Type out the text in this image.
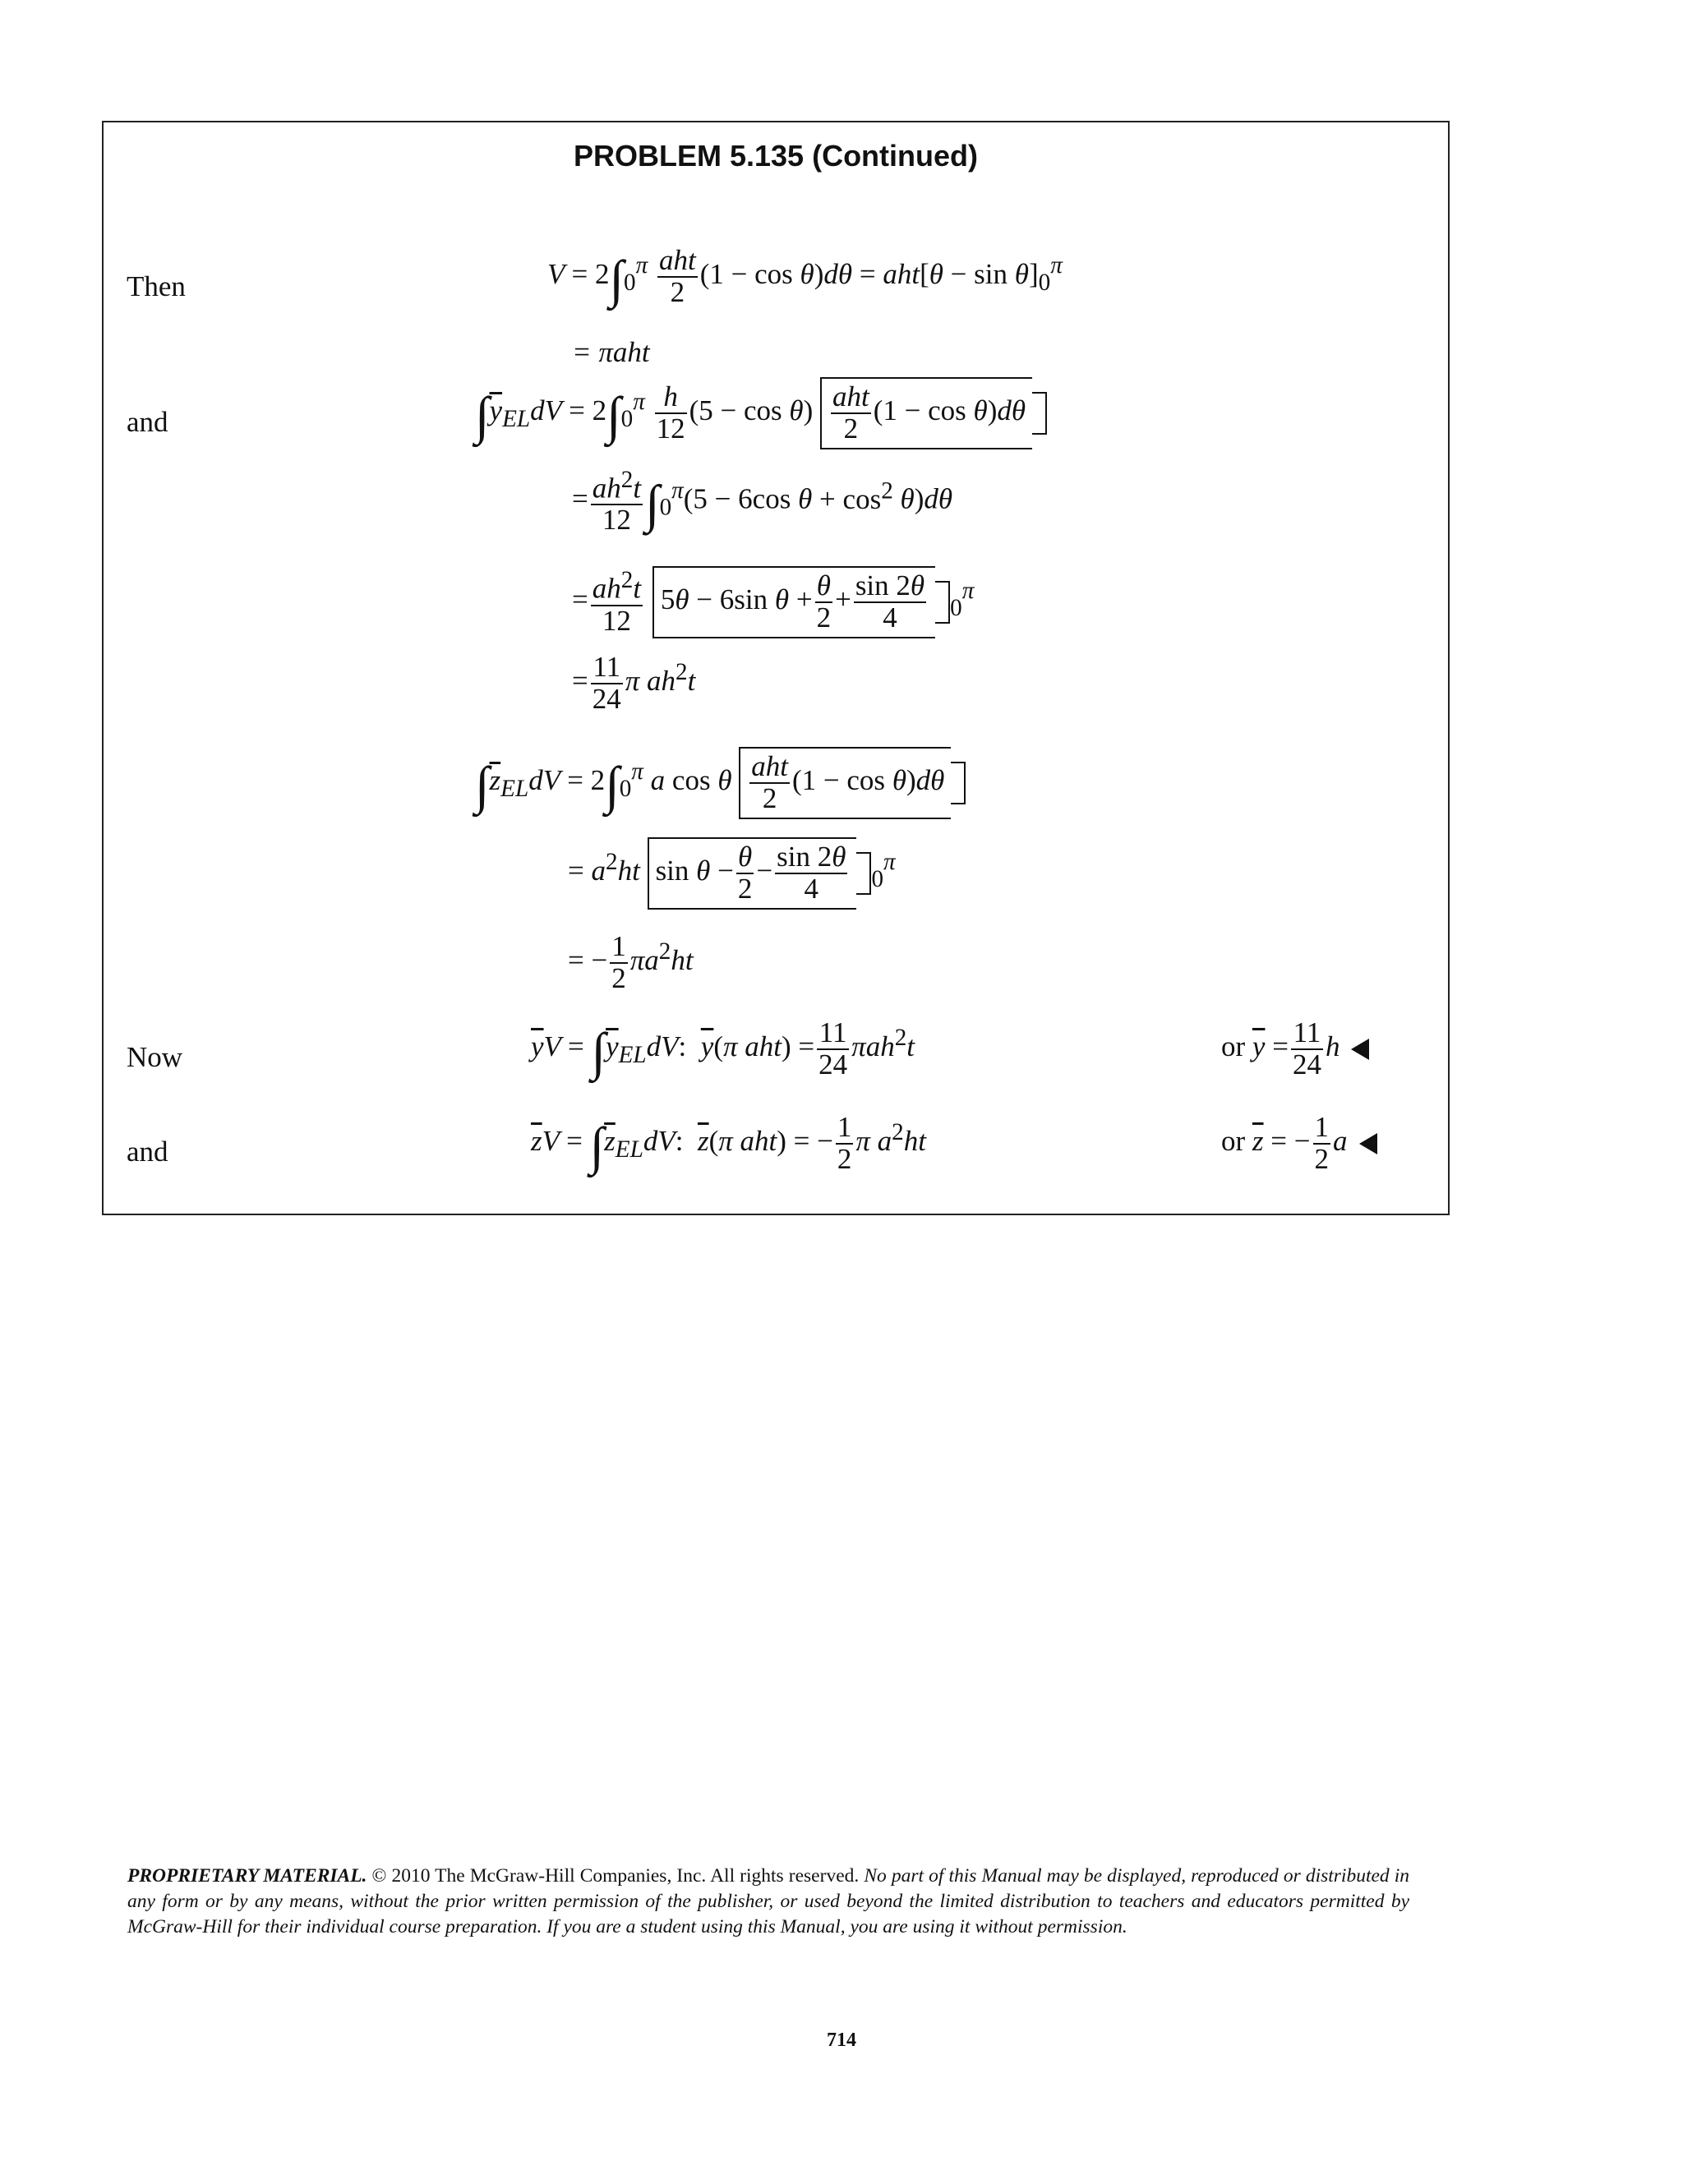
PROBLEM 5.135 (Continued)
Then	$V = 2\int_0^\pi$ aht
2
$(1 - \cos \theta)d\theta = aht[\theta - \sin \theta]_0^\pi$
= πaht
and	$\int\overline{y}_{EL}dV = 2\int_0^\pi \frac{h}{12} (5 - \cos \theta)$ aht
2
(1 − cos θ)dθ
= $\frac{ah^2t}{12} \int_0^\pi(5 - 6\cos$ $\theta + \cos^2 \theta)d\theta$
= $\frac{ah^2t}{12} 5\theta - 6\sin$ $\theta + \frac{\theta}{2} + \frac{\sin 2\theta}{4} _0^\pi$
= $\frac{11}{24}$ π $ah^2t$
$\int\overline{z}_{EL}dV = 2\int_0^\pi$ a cos θ aht
2
(1 − cos θ)dθ
= $a^2ht$ $\sin \theta - \frac{\theta}{2} - \frac{\sin 2\theta}{4} _0^\pi$
= − $\frac{1}{2} \pi a^2ht$
Now	$\overline{y}V = \int\overline{y}_{EL}dV$: $\overline{y}(\pi$ $aht) = \frac{11}{24} \pi ah^2t$	or $\overline{y} = \frac{11}{24}$ h
and	$\overline{z}V = \int\overline{z}_{EL}dV$: $\overline{z}(\pi$ aht) = − $\frac{1}{2}$ π $a^2ht$	or $\overline{z}$ = − $\frac{1}{2}$ a
PROPRIETARY MATERIAL. © 2010 The McGraw-Hill Companies, Inc. All rights reserved. No part of this Manual may be displayed, reproduced or distributed in any form or by any means, without the prior written permission of the publisher, or used beyond the limited distribution to teachers and educators permitted by McGraw-Hill for their individual course preparation. If you are a student using this Manual, you are using it without permission.
714
